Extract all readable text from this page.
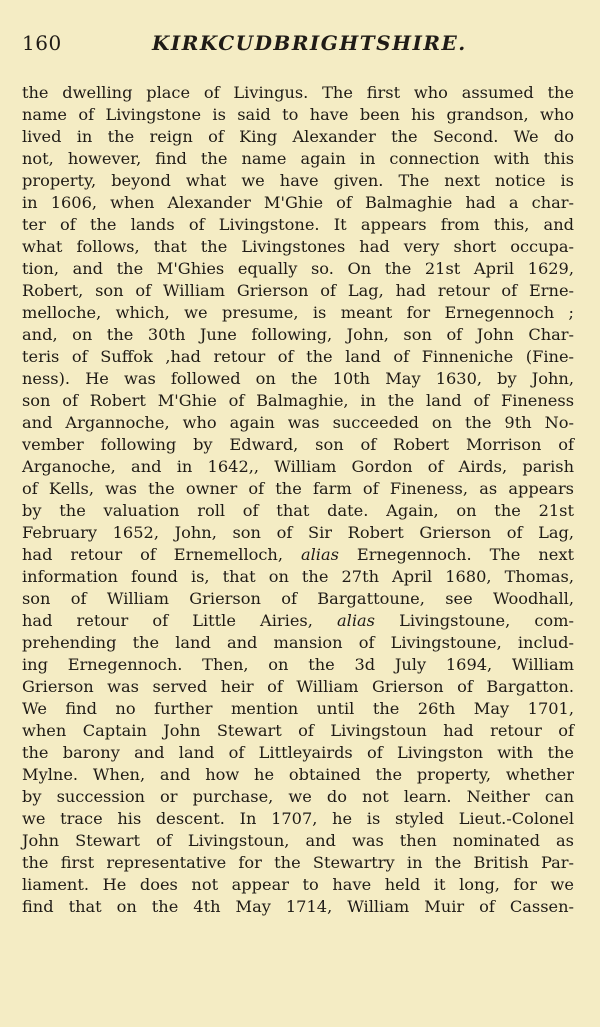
160	KIRKCUDBRIGHTSHIRE.
the dwelling place of Livingus. The first who assumed the
name of Livingstone is said to have been his grandson, who
lived in the reign of King Alexander the Second. We do
not, however, find the name again in connection with this
property, beyond what we have given. The next notice is
in 1606, when Alexander M'Ghie of Balmaghie had a char-
ter of the lands of Livingstone. It appears from this, and
what follows, that the Livingstones had very short occupa-
tion, and the M'Ghies equally so. On the 21st April 1629,
Robert, son of William Grierson of Lag, had retour of Erne-
melloche, which, we presume, is meant for Ernegennoch ;
and, on the 30th June following, John, son of John Char-
teris of Suffok ,had retour of the land of Finneniche (Fine-
ness). He was followed on the 10th May 1630, by John,
son of Robert M'Ghie of Balmaghie, in the land of Fineness
and Argannoche, who again was succeeded on the 9th No-
vember following by Edward, son of Robert Morrison of
Arganoche, and in 1642,, William Gordon of Airds, parish
of Kells, was the owner of the farm of Fineness, as appears
by the valuation roll of that date. Again, on the 21st
February 1652, John, son of Sir Robert Grierson of Lag,
had retour of Ernemelloch, alias Ernegennoch. The next
information found is, that on the 27th April 1680, Thomas,
son of William Grierson of Bargattoune, see Woodhall,
had retour of Little Airies, alias Livingstoune, com-
prehending the land and mansion of Livingstoune, includ-
ing Ernegennoch. Then, on the 3d July 1694, William
Grierson was served heir of William Grierson of Bargatton.
We find no further mention until the 26th May 1701,
when Captain John Stewart of Livingstoun had retour of
the barony and land of Littleyairds of Livingston with the
Mylne. When, and how he obtained the property, whether
by succession or purchase, we do not learn. Neither can
we trace his descent. In 1707, he is styled Lieut.-Colonel
John Stewart of Livingstoun, and was then nominated as
the first representative for the Stewartry in the British Par-
liament. He does not appear to have held it long, for we
find that on the 4th May 1714, William Muir of Cassen-
